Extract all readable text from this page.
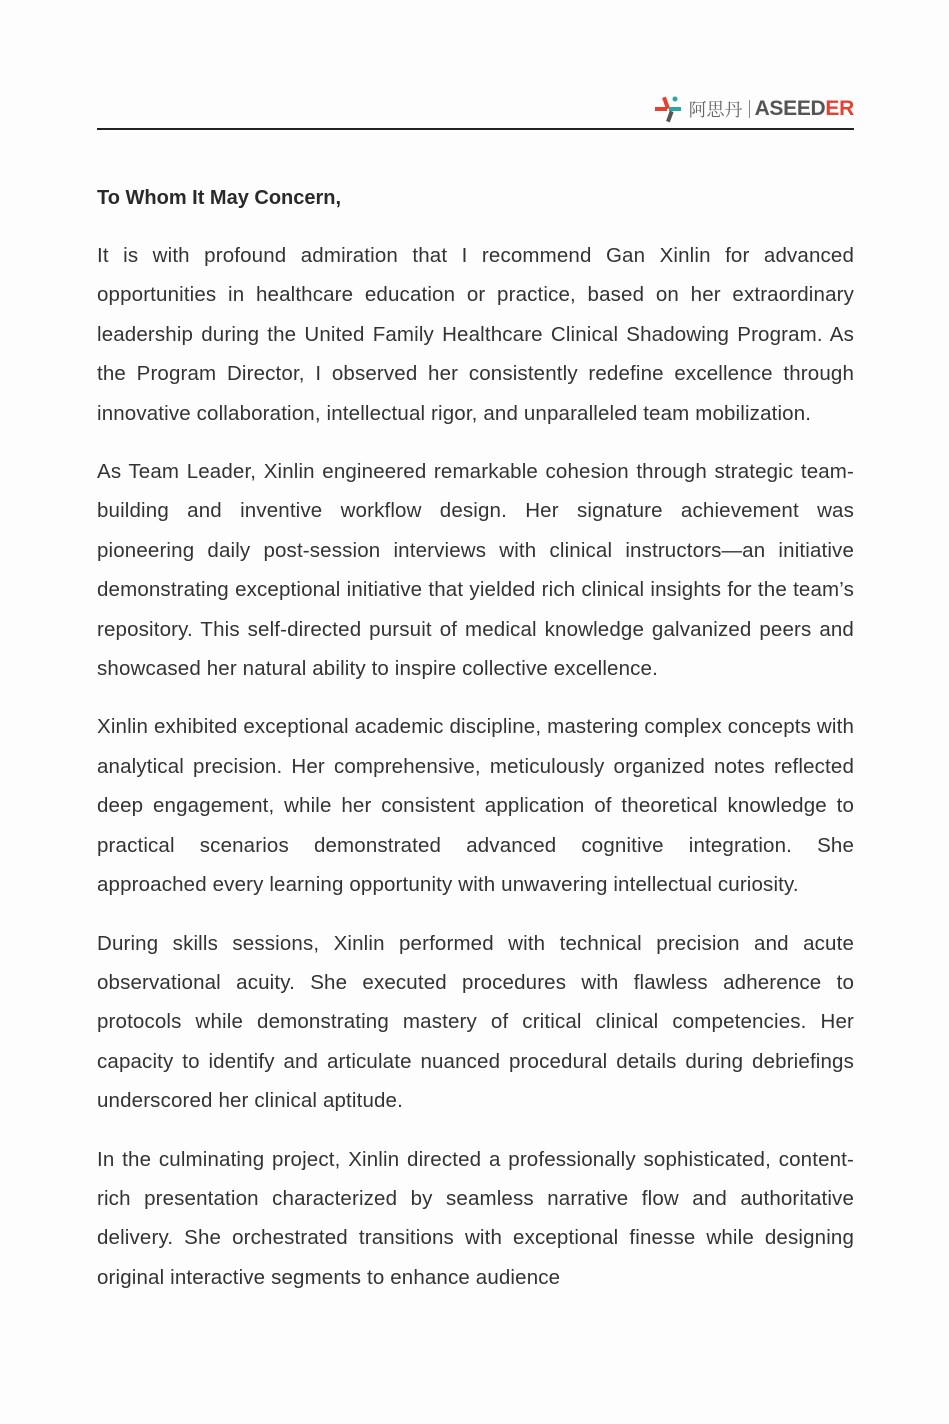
阿思丹 ASEEDER

To Whom It May Concern,

It is with profound admiration that I recommend Gan Xinlin for advanced opportunities in healthcare education or practice, based on her extraordinary leadership during the United Family Healthcare Clinical Shadowing Program. As the Program Director, I observed her consistently redefine excellence through innovative collaboration, intellectual rigor, and unparalleled team mobilization.

As Team Leader, Xinlin engineered remarkable cohesion through strategic team-building and inventive workflow design. Her signature achievement was pioneering daily post-session interviews with clinical instructors—an initiative demonstrating exceptional initiative that yielded rich clinical insights for the team’s repository. This self-directed pursuit of medical knowledge galvanized peers and showcased her natural ability to inspire collective excellence.

Xinlin exhibited exceptional academic discipline, mastering complex concepts with analytical precision. Her comprehensive, meticulously organized notes reflected deep engagement, while her consistent application of theoretical knowledge to practical scenarios demonstrated advanced cognitive integration. She approached every learning opportunity with unwavering intellectual curiosity.

During skills sessions, Xinlin performed with technical precision and acute observational acuity. She executed procedures with flawless adherence to protocols while demonstrating mastery of critical clinical competencies. Her capacity to identify and articulate nuanced procedural details during debriefings underscored her clinical aptitude.

In the culminating project, Xinlin directed a professionally sophisticated, content-rich presentation characterized by seamless narrative flow and authoritative delivery. She orchestrated transitions with exceptional finesse while designing original interactive segments to enhance audience
